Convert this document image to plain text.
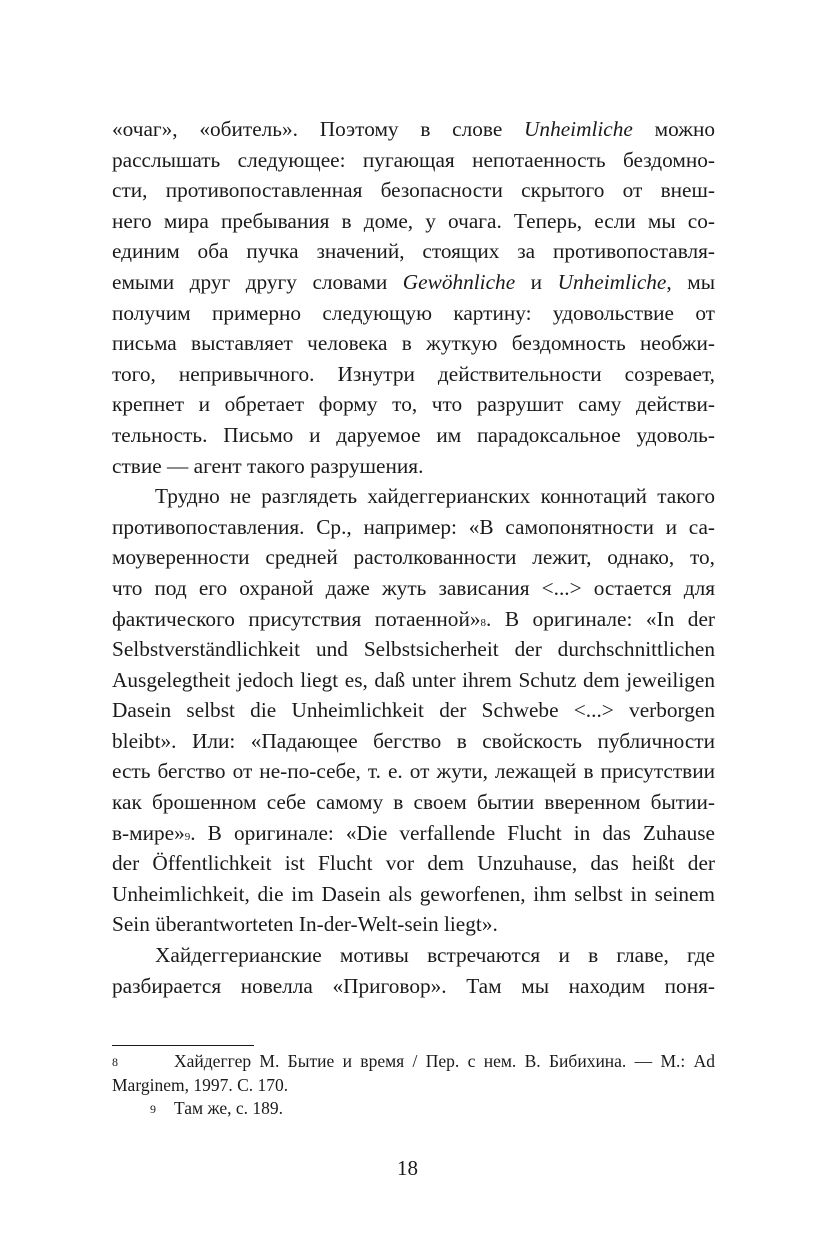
«очаг», «обитель». Поэтому в слове Unheimliche можно
расслышать следующее: пугающая непотаенность бездомно-
сти, противопоставленная безопасности скрытого от внеш-
него мира пребывания в доме, у очага. Теперь, если мы со-
единим оба пучка значений, стоящих за противопоставля-
емыми друг другу словами Gewöhnliche и Unheimliche, мы
получим примерно следующую картину: удовольствие от
письма выставляет человека в жуткую бездомность необжи-
того, непривычного. Изнутри действительности созревает,
крепнет и обретает форму то, что разрушит саму действи-
тельность. Письмо и даруемое им парадоксальное удоволь-
ствие — агент такого разрушения.
Трудно не разглядеть хайдеггерианских коннотаций такого
противопоставления. Ср., например: «В самопонятности и са-
моуверенности средней растолкованности лежит, однако, то,
что под его охраной даже жуть зависания <...> остается для
фактического присутствия потаенной»$^8$. В оригинале: «In der
Selbstverständlichkeit und Selbstsicherheit der durchschnittlichen
Ausgelegtheit jedoch liegt es, daß unter ihrem Schutz dem jeweiligen
Dasein selbst die Unheimlichkeit der Schwebe <...> verborgen
bleibt». Или: «Падающее бегство в свойскость публичности
есть бегство от не-по-себе, т. е. от жути, лежащей в присутствии
как брошенном себе самому в своем бытии вверенном бытии-
в-мире»$^9$. В оригинале: «Die verfallende Flucht in das Zuhause
der Öffentlichkeit ist Flucht vor dem Unzuhause, das heißt der
Unheimlichkeit, die im Dasein als geworfenen, ihm selbst in seinem
Sein überantworteten In-der-Welt-sein liegt».
Хайдеггерианские мотивы встречаются и в главе, где
разбирается новелла «Приговор». Там мы находим поня-
8	Хайдеггер М. Бытие и время / Пер. с нем. В. Бибихина. — М.: Ad
Marginem, 1997. С. 170.
9 Там же, с. 189.
18
